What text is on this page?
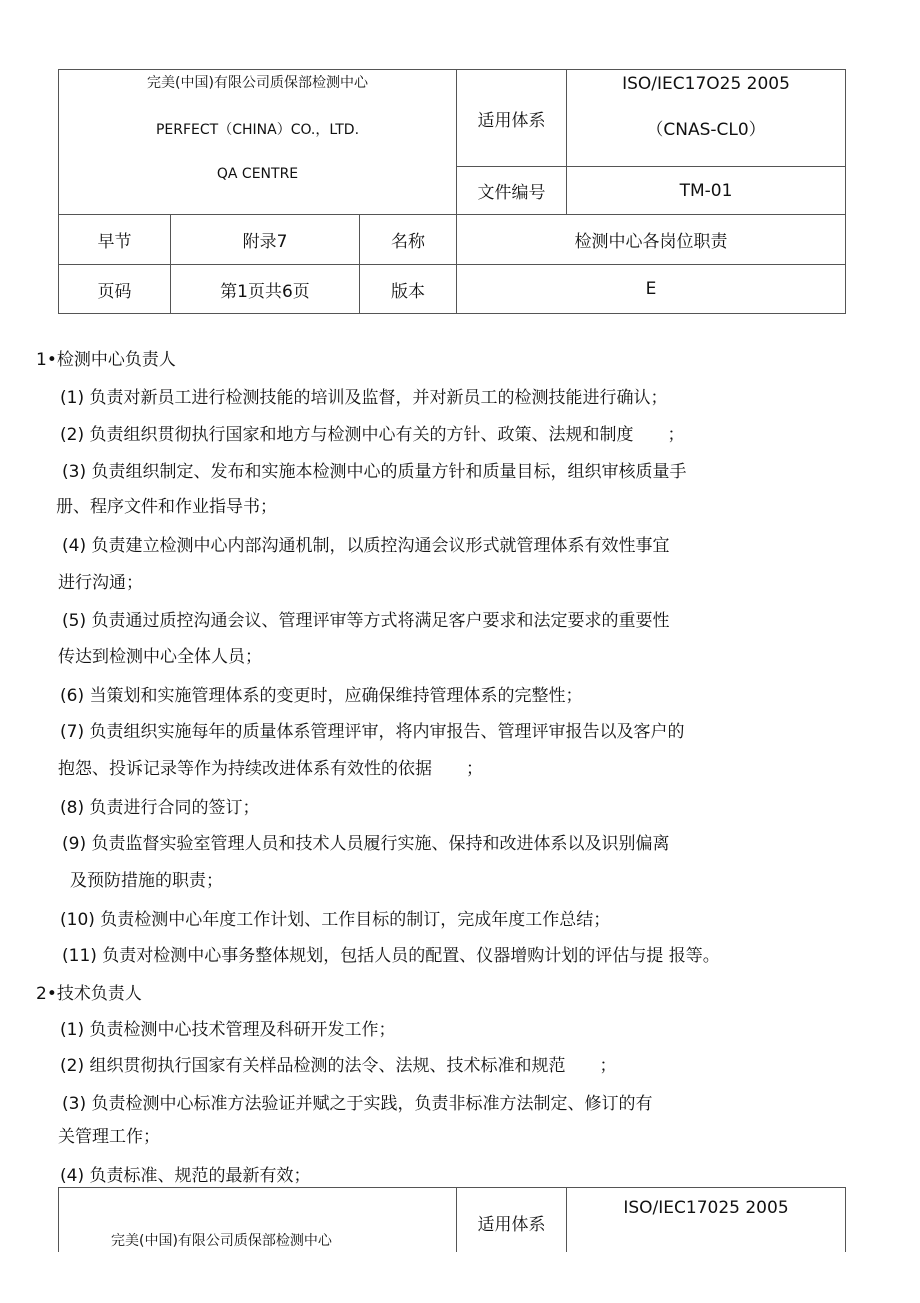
完美(中国)有限公司质保部检测中心
PERFECT（CHINA）CO.，LTD.
QA CENTRE			适用体系	ISO/IEC17O25 2005
（CNAS-CL0）

			文件编号	TM-01
早节	附录7	名称	检测中心各岗位职责	
页码	第1页共6页	版本	E	

1•检测中心负责人

(1) 负责对新员工进行检测技能的培训及监督，并对新员工的检测技能进行确认；

(2) 负责组织贯彻执行国家和地方与检测中心有关的方针、政策、法规和制度　　；

(3) 负责组织制定、发布和实施本检测中心的质量方针和质量目标，组织审核质量手

册、程序文件和作业指导书；

(4) 负责建立检测中心内部沟通机制，以质控沟通会议形式就管理体系有效性事宜

进行沟通；

(5) 负责通过质控沟通会议、管理评审等方式将满足客户要求和法定要求的重要性

传达到检测中心全体人员；

(6) 当策划和实施管理体系的变更时，应确保维持管理体系的完整性；

(7) 负责组织实施每年的质量体系管理评审，将内审报告、管理评审报告以及客户的

抱怨、投诉记录等作为持续改进体系有效性的依据　　；

(8) 负责进行合同的签订；

(9) 负责监督实验室管理人员和技术人员履行实施、保持和改进体系以及识别偏离

及预防措施的职责；

(10) 负责检测中心年度工作计划、工作目标的制订，完成年度工作总结；

(11) 负责对检测中心事务整体规划，包括人员的配置、仪器增购计划的评估与提 报等。

2•技术负责人

(1) 负责检测中心技术管理及科研开发工作；

(2) 组织贯彻执行国家有关样品检测的法令、法规、技术标准和规范　　；

(3) 负责检测中心标准方法验证并赋之于实践，负责非标准方法制定、修订的有

关管理工作；

(4) 负责标准、规范的最新有效；

完美(中国)有限公司质保部检测中心	适用体系	ISO/IEC17025 2005
